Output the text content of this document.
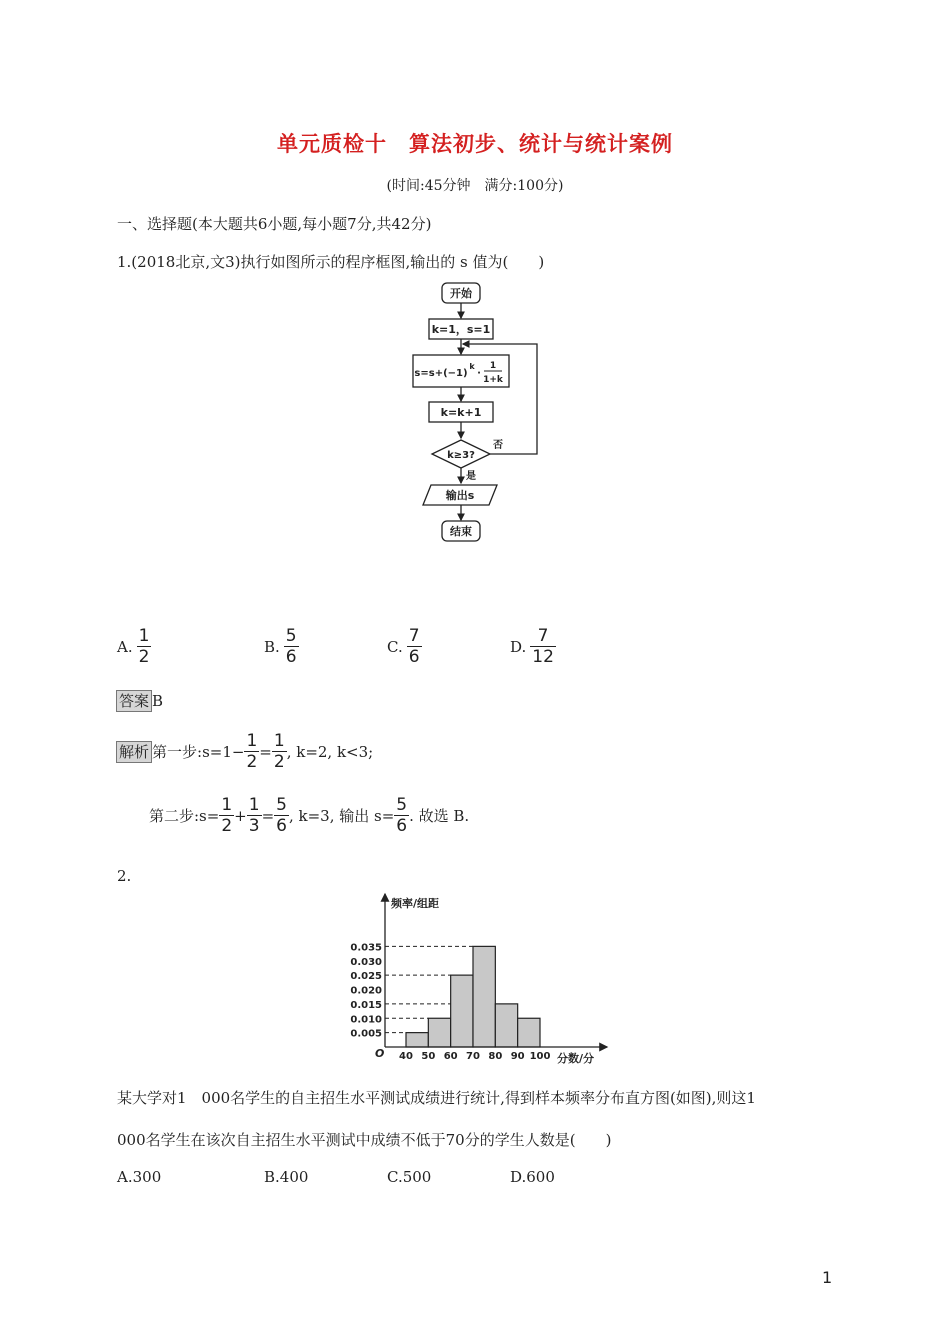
单元质检十　算法初步、统计与统计案例
(时间:45分钟　满分:100分)
一、选择题(本大题共6小题,每小题7分,共42分)
1.(2018北京,文3)执行如图所示的程序框图,输出的 s 值为(　　)
开始
k=1，s=1
s=s+(−1)
k
·
1
1+k
k=k+1
k≥3?
否
是
输出s
结束
A. $\frac{1}{2}$	B. $\frac{5}{6}$	C. $\frac{7}{6}$	D. $\frac{7}{12}$
答案 B
解析 第一步:s=1− $\frac{1}{2} = \frac{1}{2}$ , k=2, k<3;
第二步:s= $\frac{1}{2} + \frac{1}{3} = \frac{5}{6}$ , k=3, 输出 $s= \frac{5}{6}$ . 故选 B.
2.
0.005
0.010
0.015
0.020
0.025
0.030
0.035
40 50 60 70 80 90 100
频率/组距
分数/分
O
某大学对1　000名学生的自主招生水平测试成绩进行统计,得到样本频率分布直方图(如图),则这1
000名学生在该次自主招生水平测试中成绩不低于70分的学生人数是(　　)
A.300	B.400	C.500	D.600
1
